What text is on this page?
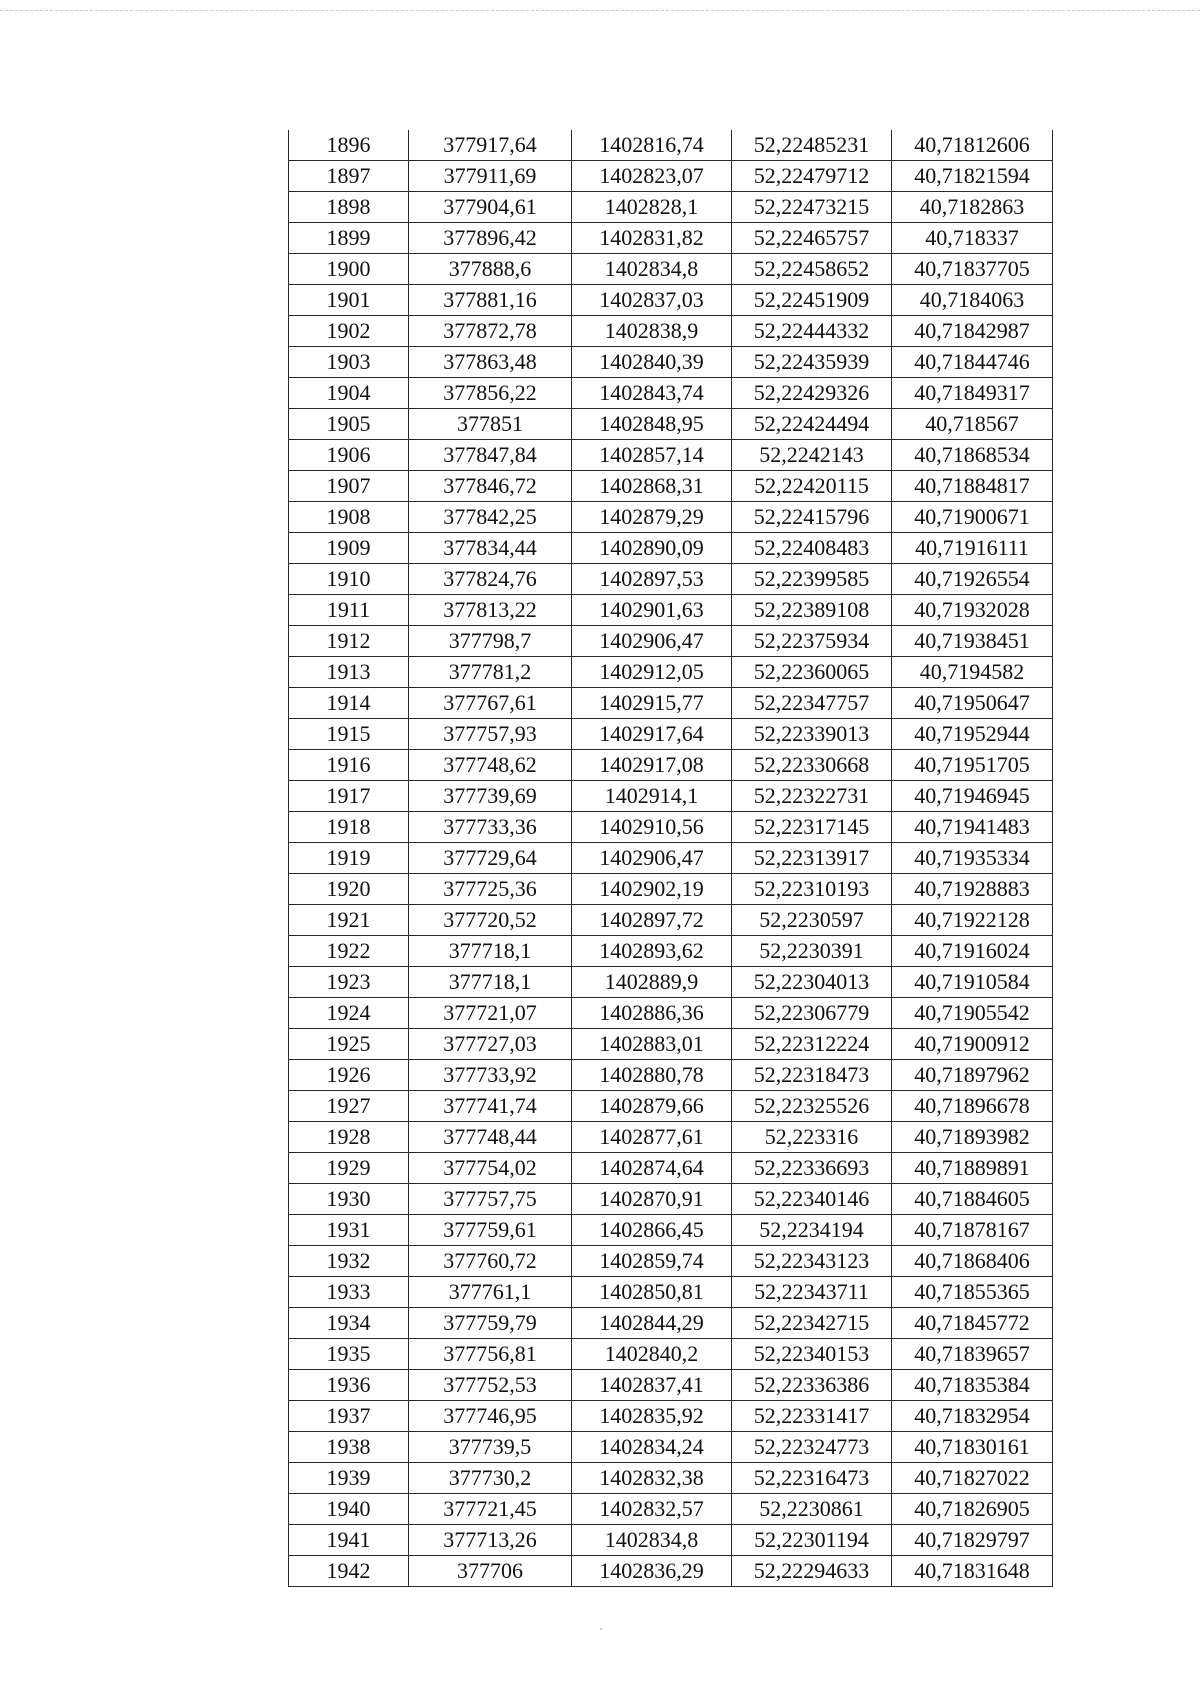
1896	377917,64	1402816,74	52,22485231	40,71812606
1897	377911,69	1402823,07	52,22479712	40,71821594
1898	377904,61	1402828,1	52,22473215	40,7182863
1899	377896,42	1402831,82	52,22465757	40,718337
1900	377888,6	1402834,8	52,22458652	40,71837705
1901	377881,16	1402837,03	52,22451909	40,7184063
1902	377872,78	1402838,9	52,22444332	40,71842987
1903	377863,48	1402840,39	52,22435939	40,71844746
1904	377856,22	1402843,74	52,22429326	40,71849317
1905	377851	1402848,95	52,22424494	40,718567
1906	377847,84	1402857,14	52,2242143	40,71868534
1907	377846,72	1402868,31	52,22420115	40,71884817
1908	377842,25	1402879,29	52,22415796	40,71900671
1909	377834,44	1402890,09	52,22408483	40,71916111
1910	377824,76	1402897,53	52,22399585	40,71926554
1911	377813,22	1402901,63	52,22389108	40,71932028
1912	377798,7	1402906,47	52,22375934	40,71938451
1913	377781,2	1402912,05	52,22360065	40,7194582
1914	377767,61	1402915,77	52,22347757	40,71950647
1915	377757,93	1402917,64	52,22339013	40,71952944
1916	377748,62	1402917,08	52,22330668	40,71951705
1917	377739,69	1402914,1	52,22322731	40,71946945
1918	377733,36	1402910,56	52,22317145	40,71941483
1919	377729,64	1402906,47	52,22313917	40,71935334
1920	377725,36	1402902,19	52,22310193	40,71928883
1921	377720,52	1402897,72	52,2230597	40,71922128
1922	377718,1	1402893,62	52,2230391	40,71916024
1923	377718,1	1402889,9	52,22304013	40,71910584
1924	377721,07	1402886,36	52,22306779	40,71905542
1925	377727,03	1402883,01	52,22312224	40,71900912
1926	377733,92	1402880,78	52,22318473	40,71897962
1927	377741,74	1402879,66	52,22325526	40,71896678
1928	377748,44	1402877,61	52,223316	40,71893982
1929	377754,02	1402874,64	52,22336693	40,71889891
1930	377757,75	1402870,91	52,22340146	40,71884605
1931	377759,61	1402866,45	52,2234194	40,71878167
1932	377760,72	1402859,74	52,22343123	40,71868406
1933	377761,1	1402850,81	52,22343711	40,71855365
1934	377759,79	1402844,29	52,22342715	40,71845772
1935	377756,81	1402840,2	52,22340153	40,71839657
1936	377752,53	1402837,41	52,22336386	40,71835384
1937	377746,95	1402835,92	52,22331417	40,71832954
1938	377739,5	1402834,24	52,22324773	40,71830161
1939	377730,2	1402832,38	52,22316473	40,71827022
1940	377721,45	1402832,57	52,2230861	40,71826905
1941	377713,26	1402834,8	52,22301194	40,71829797
1942	377706	1402836,29	52,22294633	40,71831648
